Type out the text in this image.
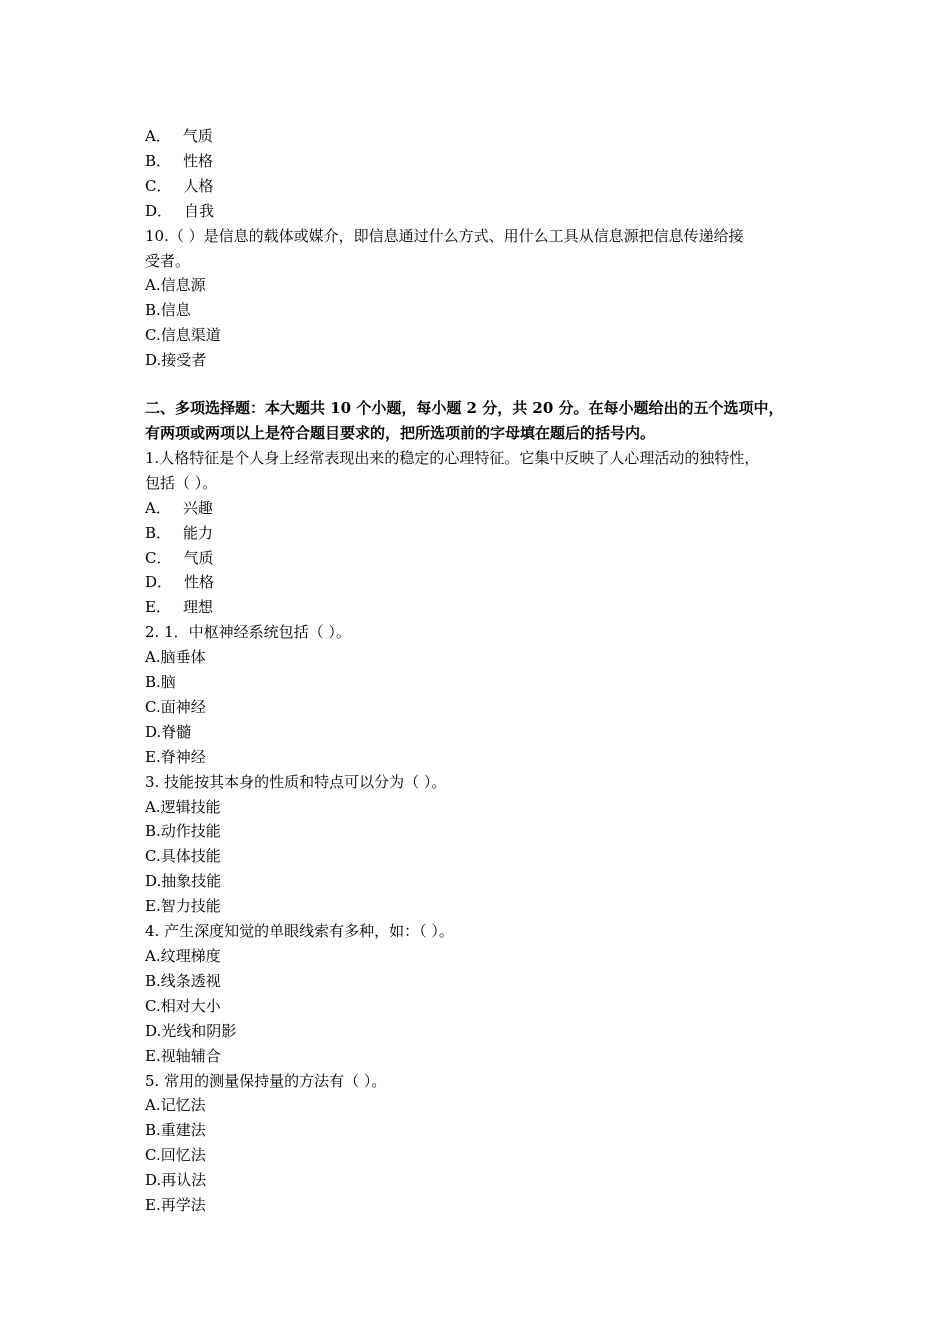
A． 气质
B． 性格
C． 人格
D． 自我
10.（ ）是信息的载体或媒介，即信息通过什么方式、用什么工具从信息源把信息传递给接
受者。
A.信息源
B.信息
C.信息渠道
D.接受者
二、多项选择题：本大题共 10 个小题，每小题 2 分，共 20 分。在每小题给出的五个选项中，
有两项或两项以上是符合题目要求的，把所选项前的字母填在题后的括号内。
1.人格特征是个人身上经常表现出来的稳定的心理特征。它集中反映了人心理活动的独特性，
包括（ ）。
A． 兴趣
B． 能力
C． 气质
D． 性格
E． 理想
2. 1．中枢神经系统包括（ ）。
A.脑垂体
B.脑
C.面神经
D.脊髓
E.脊神经
3. 技能按其本身的性质和特点可以分为（ ）。
A.逻辑技能
B.动作技能
C.具体技能
D.抽象技能
E.智力技能
4. 产生深度知觉的单眼线索有多种，如：（ ）。
A.纹理梯度
B.线条透视
C.相对大小
D.光线和阴影
E.视轴辅合
5. 常用的测量保持量的方法有（ ）。
A.记忆法
B.重建法
C.回忆法
D.再认法
E.再学法
